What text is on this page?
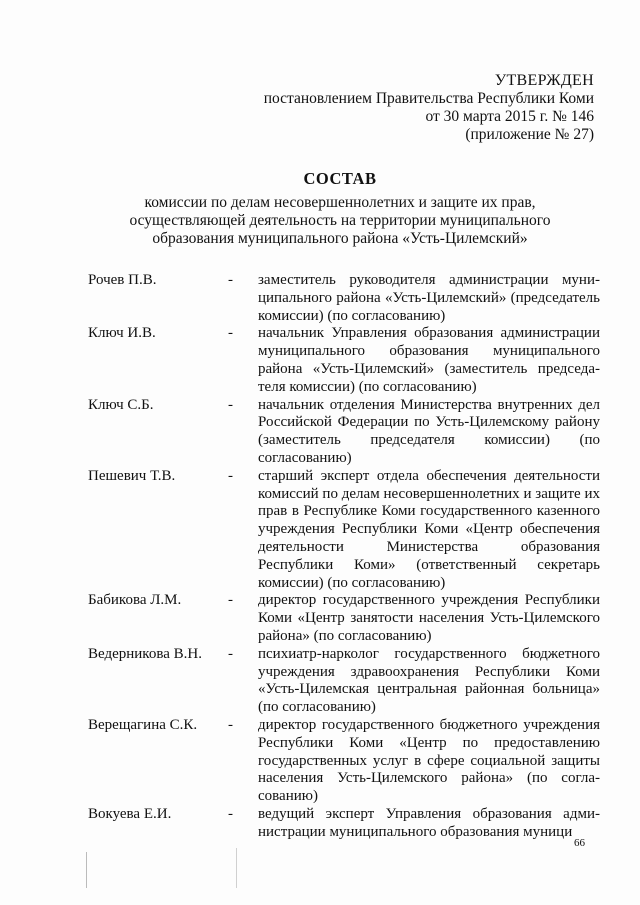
УТВЕРЖДЕН
постановлением Правительства Республики Коми
от 30 марта 2015 г. № 146
(приложение № 27)
СОСТАВ
комиссии по делам несовершеннолетних и защите их прав,
осуществляющей деятельность на территории муниципального
образования муниципального района «Усть-Цилемский»
Рочев П.В.	-	заместитель руководителя администрации муниципального района «Усть-Цилемский» (председатель комиссии) (по согласованию)
Ключ И.В.	-	начальник Управления образования администрации муниципального образования муниципального района «Усть-Цилемский» (заместитель председателя комиссии) (по согласованию)
Ключ С.Б.	-	начальник отделения Министерства внутренних дел Российской Федерации по Усть-Цилемскому району (заместитель председателя комиссии) (по согласованию)
Пешевич Т.В.	-	старший эксперт отдела обеспечения деятельности комиссий по делам несовершеннолетних и защите их прав в Республике Коми государственного казенного учреждения Республики Коми «Центр обеспечения деятельности Министерства образования Республики Коми» (ответственный секретарь комиссии) (по согласованию)
Бабикова Л.М.	-	директор государственного учреждения Республики Коми «Центр занятости населения Усть-Цилемского района» (по согласованию)
Ведерникова В.Н.	-	психиатр-нарколог государственного бюджетного учреждения здравоохранения Республики Коми «Усть-Цилемская центральная районная больница» (по согласованию)
Верещагина С.К.	-	директор государственного бюджетного учреждения Республики Коми «Центр по предоставлению государственных услуг в сфере социальной защиты населения Усть-Цилемского района» (по согласованию)
Вокуева Е.И.	-	ведущий эксперт Управления образования администрации муниципального образования муници
66
